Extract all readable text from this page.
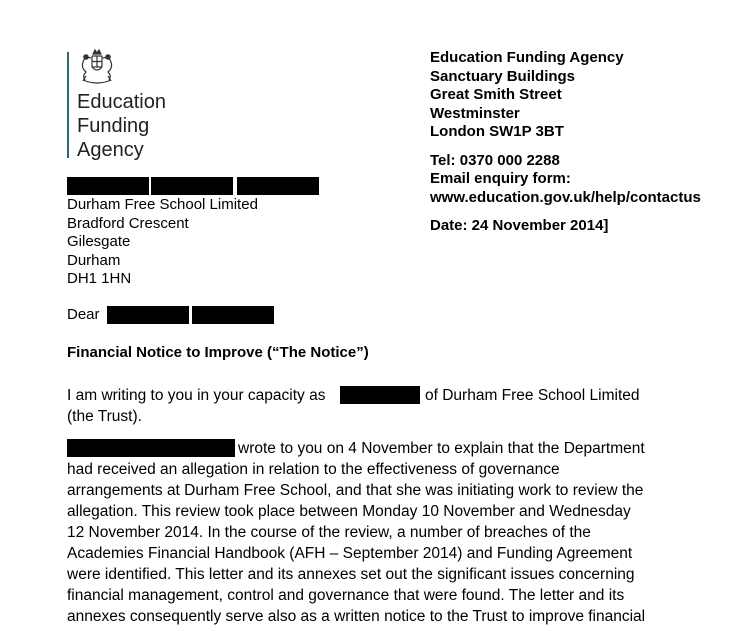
Education
Funding
Agency
Education Funding Agency
Sanctuary Buildings
Great Smith Street
Westminster
London SW1P 3BT
Tel: 0370 000 2288
Email enquiry form:
www.education.gov.uk/help/contactus
Date: 24 November 2014]
Durham Free School Limited
Bradford Crescent
Gilesgate
Durham
DH1 1HN
Dear
Financial Notice to Improve (“The Notice”)
I am writing to you in your capacity as	of Durham Free School Limited
(the Trust).
wrote to you on 4 November to explain that the Department
had received an allegation in relation to the effectiveness of governance
arrangements at Durham Free School, and that she was initiating work to review the
allegation. This review took place between Monday 10 November and Wednesday
12 November 2014. In the course of the review, a number of breaches of the
Academies Financial Handbook (AFH – September 2014) and Funding Agreement
were identified. This letter and its annexes set out the significant issues concerning
financial management, control and governance that were found. The letter and its
annexes consequently serve also as a written notice to the Trust to improve financial
